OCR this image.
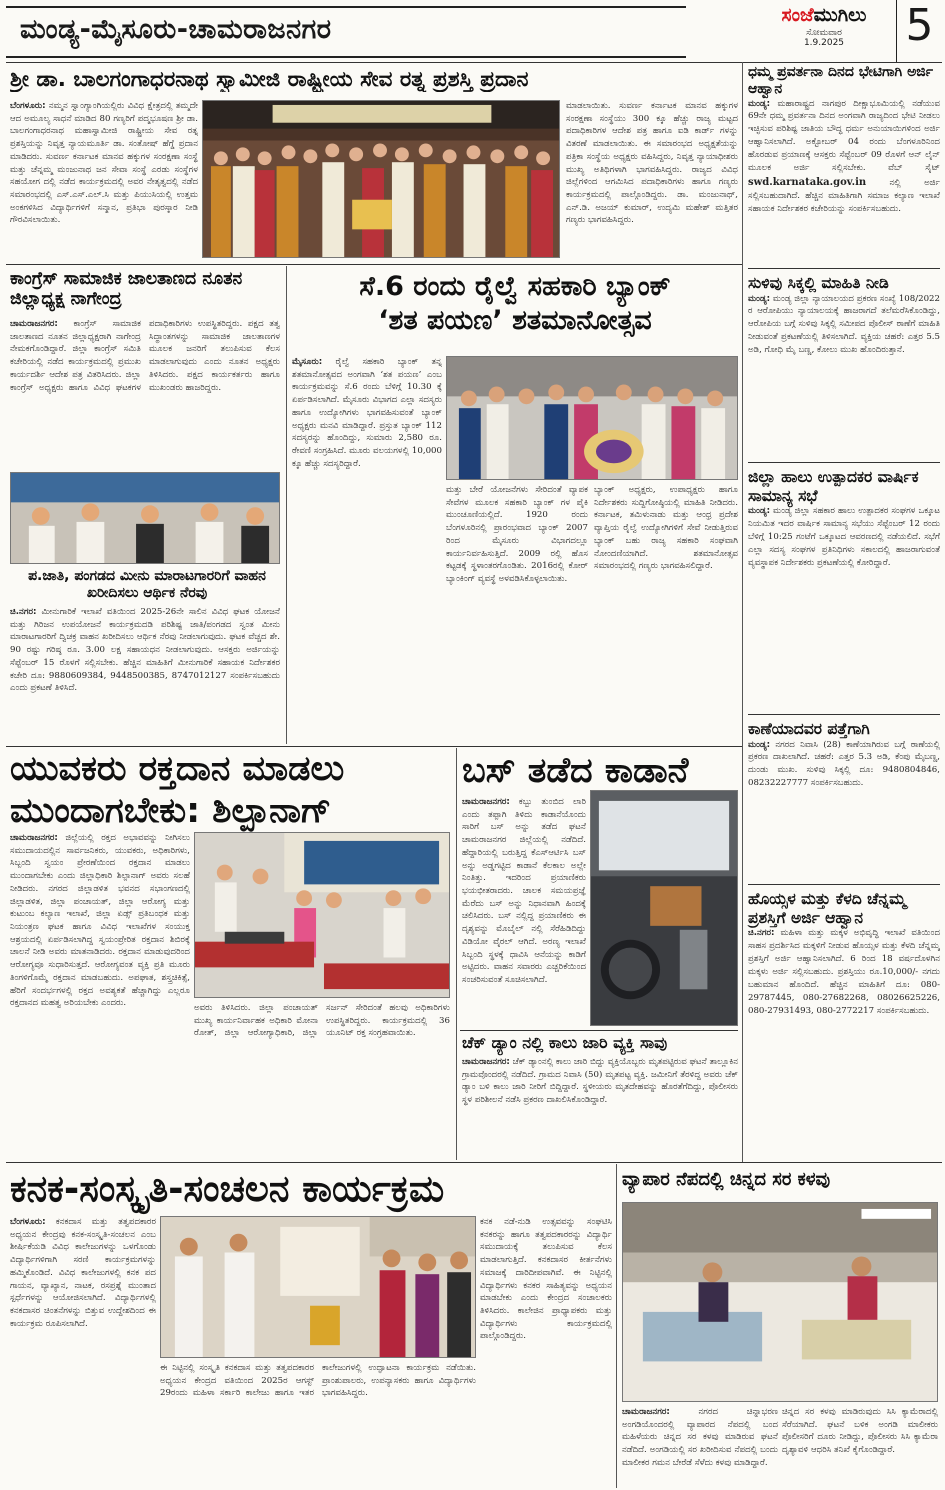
ಮಂಡ್ಯ-ಮೈಸೂರು-ಚಾಮರಾಜನಗರ	ಸಂಜೆಮುಗಿಲು
ಸೋಮವಾರ
1.9.2025	5
ಶ್ರೀ ಡಾ. ಬಾಲಗಂಗಾಧರನಾಥ ಸ್ವಾಮೀಜಿ ರಾಷ್ಟ್ರೀಯ ಸೇವ ರತ್ನ ಪ್ರಶಸ್ತಿ ಪ್ರದಾನ
ಬೆಂಗಳೂರು: ನಮ್ಮನ ಸ್ವಾಂಗ್ಯಾಂಗಿಯಲ್ಲಿರು ವಿವಿಧ ಕ್ಷೇತ್ರದಲ್ಲಿ ತಮ್ಮದೇ ಆದ ಅಮೂಲ್ಯ ಸಾಧನೆ ಮಾಡಿದ 80 ಗಣ್ಯರಿಗೆ ಪದ್ಮಭೂಷಣ ಶ್ರೀ ಡಾ. ಬಾಲಗಂಗಾಧರನಾಥ ಮಹಾಸ್ವಾಮೀಜಿ ರಾಷ್ಟ್ರೀಯ ಸೇವ ರತ್ನ ಪ್ರಶಸ್ತಿಯನ್ನು ನಿವೃತ್ತ ನ್ಯಾಯಮೂರ್ತಿ ಡಾ. ಸಂತೋಷ್ ಹೆಗ್ಡೆ ಪ್ರದಾನ ಮಾಡಿದರು. ಸುವರ್ಣ ಕರ್ನಾಟಕ ಮಾನವ ಹಕ್ಕುಗಳ ಸಂರಕ್ಷಣಾ ಸಂಸ್ಥೆ ಮತ್ತು ಚೆನ್ನಮ್ಮ ಮಂಜುನಾಥ ಜನ ಸೇವಾ ಸಂಸ್ಥೆ ಎರಡು ಸಂಸ್ಥೆಗಳ ಸಹಯೋಗ ದಲ್ಲಿ ನಡೆದ ಕಾರ್ಯಕ್ರಮದಲ್ಲಿ ಅವರ ನೇತೃತ್ವದಲ್ಲಿ ನಡೆದ ಸಮಾರಂಭದಲ್ಲಿ ಎಸ್.ಎಸ್.ಎಲ್.ಸಿ ಮತ್ತು ಪಿಯುಸಿಯಲ್ಲಿ ಉತ್ತಮ ಅಂಕಗಳಿಸಿದ ವಿದ್ಯಾರ್ಥಿಗಳಿಗೆ ಸನ್ಮಾನ, ಪ್ರತಿಭಾ ಪುರಸ್ಕಾರ ನೀಡಿ ಗೌರವಿಸಲಾಯಿತು.
ಮಾಡಲಾಯಿತು. ಸುವರ್ಣ ಕರ್ನಾಟಕ ಮಾನವ ಹಕ್ಕುಗಳ ಸಂರಕ್ಷಣಾ ಸಂಸ್ಥೆಯು 300 ಕ್ಕೂ ಹೆಚ್ಚು ರಾಜ್ಯ ಮಟ್ಟದ ಪದಾಧಿಕಾರಿಗಳ ಆದೇಶ ಪತ್ರ ಹಾಗೂ ಐಡಿ ಕಾರ್ಡ್ ಗಳನ್ನು ವಿತರಣೆ ಮಾಡಲಾಯಿತು. ಈ ಸಮಾರಂಭದ ಅಧ್ಯಕ್ಷತೆಯನ್ನು ಪತ್ರಿಕಾ ಸಂಸ್ಥೆಯ ಅಧ್ಯಕ್ಷರು ವಹಿಸಿದ್ದರು, ನಿವೃತ್ತ ನ್ಯಾಯಾಧೀಶರು ಮುಖ್ಯ ಅತಿಥಿಗಳಾಗಿ ಭಾಗವಹಿಸಿದ್ದರು. ರಾಜ್ಯದ ವಿವಿಧ ಜಿಲ್ಲೆಗಳಿಂದ ಆಗಮಿಸಿದ ಪದಾಧಿಕಾರಿಗಳು ಹಾಗೂ ಗಣ್ಯರು ಕಾರ್ಯಕ್ರಮದಲ್ಲಿ ಪಾಲ್ಗೊಂಡಿದ್ದರು. ಡಾ. ಮಂಜುನಾಥ್, ಎನ್.ಡಿ. ಅಜಯ್ ಕುಮಾರ್, ಉದ್ಯಮಿ ಮಹೇಶ್ ಮತ್ತಿತರ ಗಣ್ಯರು ಭಾಗವಹಿಸಿದ್ದರು.
ಕಾಂಗ್ರೆಸ್ ಸಾಮಾಜಿಕ ಜಾಲತಾಣದ ನೂತನ ಜಿಲ್ಲಾಧ್ಯಕ್ಷ ನಾಗೇಂದ್ರ
ಚಾಮರಾಜನಗರ: ಕಾಂಗ್ರೆಸ್ ಸಾಮಾಜಿಕ ಜಾಲತಾಣದ ನೂತನ ಜಿಲ್ಲಾಧ್ಯಕ್ಷರಾಗಿ ನಾಗೇಂದ್ರ ನೇಮಕಗೊಂಡಿದ್ದಾರೆ. ಜಿಲ್ಲಾ ಕಾಂಗ್ರೆಸ್ ಸಮಿತಿ ಕಚೇರಿಯಲ್ಲಿ ನಡೆದ ಕಾರ್ಯಕ್ರಮದಲ್ಲಿ ಪ್ರಮುಖ ಕಾರ್ಯದರ್ಶಿ ಆದೇಶ ಪತ್ರ ವಿತರಿಸಿದರು. ಜಿಲ್ಲಾ ಕಾಂಗ್ರೆಸ್ ಅಧ್ಯಕ್ಷರು ಹಾಗೂ ವಿವಿಧ ಘಟಕಗಳ ಪದಾಧಿಕಾರಿಗಳು ಉಪಸ್ಥಿತರಿದ್ದರು. ಪಕ್ಷದ ತತ್ವ ಸಿದ್ಧಾಂತಗಳನ್ನು ಸಾಮಾಜಿಕ ಜಾಲತಾಣಗಳ ಮೂಲಕ ಜನರಿಗೆ ತಲುಪಿಸುವ ಕೆಲಸ ಮಾಡಲಾಗುವುದು ಎಂದು ನೂತನ ಅಧ್ಯಕ್ಷರು ತಿಳಿಸಿದರು. ಪಕ್ಷದ ಕಾರ್ಯಕರ್ತರು ಹಾಗೂ ಮುಖಂಡರು ಹಾಜರಿದ್ದರು.
ಪ.ಜಾತಿ, ಪಂಗಡದ ಮೀನು ಮಾರಾಟಗಾರರಿಗೆ ವಾಹನ ಖರೀದಿಸಲು ಆರ್ಥಿಕ ನೆರವು
ಚಿ.ನಗರ: ಮೀನುಗಾರಿಕೆ ಇಲಾಖೆ ವತಿಯಿಂದ 2025-26ನೇ ಸಾಲಿನ ವಿವಿಧ ಘಟಕ ಯೋಜನೆ ಮತ್ತು ಗಿರಿಜನ ಉಪಯೋಜನೆ ಕಾರ್ಯಕ್ರಮದಡಿ ಪರಿಶಿಷ್ಟ ಜಾತಿ/ಪಂಗಡದ ಸ್ವಂತ ಮೀನು ಮಾರಾಟಗಾರರಿಗೆ ದ್ವಿಚಕ್ರ ವಾಹನ ಖರೀದಿಸಲು ಆರ್ಥಿಕ ನೆರವು ನೀಡಲಾಗುವುದು. ಘಟಕ ವೆಚ್ಚದ ಶೇ. 90 ರಷ್ಟು ಗರಿಷ್ಠ ರೂ. 3.00 ಲಕ್ಷ ಸಹಾಯಧನ ನೀಡಲಾಗುವುದು. ಆಸಕ್ತರು ಅರ್ಜಿಯನ್ನು ಸೆಪ್ಟೆಂಬರ್ 15 ರೊಳಗೆ ಸಲ್ಲಿಸಬೇಕು. ಹೆಚ್ಚಿನ ಮಾಹಿತಿಗೆ ಮೀನುಗಾರಿಕೆ ಸಹಾಯಕ ನಿರ್ದೇಶಕರ ಕಚೇರಿ ದೂ: 9880609384, 9448500385, 8747012127 ಸಂಪರ್ಕಿಸಬಹುದು ಎಂದು ಪ್ರಕಟಣೆ ತಿಳಿಸಿದೆ.
ಸೆ.6 ರಂದು ರೈಲ್ವೆ ಸಹಕಾರಿ ಬ್ಯಾಂಕ್
‘ಶತ ಪಯಣ’ ಶತಮಾನೋತ್ಸವ
ಮೈಸೂರು: ರೈಲ್ವೆ ಸಹಕಾರಿ ಬ್ಯಾಂಕ್ ತನ್ನ ಶತಮಾನೋತ್ಸವದ ಅಂಗವಾಗಿ ‘ಶತ ಪಯಣ’ ಎಂಬ ಕಾರ್ಯಕ್ರಮವನ್ನು ಸೆ.6 ರಂದು ಬೆಳಿಗ್ಗೆ 10.30 ಕ್ಕೆ ಏರ್ಪಡಿಸಲಾಗಿದೆ. ಮೈಸೂರು ವಿಭಾಗದ ಎಲ್ಲಾ ಸದಸ್ಯರು ಹಾಗೂ ಉದ್ಯೋಗಿಗಳು ಭಾಗವಹಿಸುವಂತೆ ಬ್ಯಾಂಕ್ ಅಧ್ಯಕ್ಷರು ಮನವಿ ಮಾಡಿದ್ದಾರೆ. ಪ್ರಸ್ತುತ ಬ್ಯಾಂಕ್ 112 ಸದಸ್ಯರನ್ನು ಹೊಂದಿದ್ದು, ಸುಮಾರು 2,580 ರೂ. ಠೇವಣಿ ಸಂಗ್ರಹಿಸಿದೆ. ಮೂರು ವಲಯಗಳಲ್ಲಿ 10,000 ಕ್ಕೂ ಹೆಚ್ಚು ಸದಸ್ಯರಿದ್ದಾರೆ.
ಮತ್ತು ಬೇರೆ ಯೋಜನೆಗಳು ಸೇರಿದಂತೆ ವ್ಯಾಪಕ ಸೇವೆಗಳ ಮೂಲಕ ಸಹಕಾರಿ ಬ್ಯಾಂಕ್ ಗಳ ಪೈಕಿ ಮುಂಚೂಣಿಯಲ್ಲಿದೆ. 1920 ರಂದು ಬೆಂಗಳೂರಿನಲ್ಲಿ ಪ್ರಾರಂಭವಾದ ಬ್ಯಾಂಕ್ 2007 ರಿಂದ ಮೈಸೂರು ವಿಭಾಗದಲ್ಲೂ ಕಾರ್ಯನಿರ್ವಹಿಸುತ್ತಿದೆ. 2009 ರಲ್ಲಿ ಹೊಸ ಕಟ್ಟಡಕ್ಕೆ ಸ್ಥಳಾಂತರಗೊಂಡಿತು. 2016ರಲ್ಲಿ ಕೋರ್ ಬ್ಯಾಂಕಿಂಗ್ ವ್ಯವಸ್ಥೆ ಅಳವಡಿಸಿಕೊಳ್ಳಲಾಯಿತು.
ಬ್ಯಾಂಕ್ ಅಧ್ಯಕ್ಷರು, ಉಪಾಧ್ಯಕ್ಷರು ಹಾಗೂ ನಿರ್ದೇಶಕರು ಸುದ್ದಿಗೋಷ್ಠಿಯಲ್ಲಿ ಮಾಹಿತಿ ನೀಡಿದರು. ಕರ್ನಾಟಕ, ತಮಿಳುನಾಡು ಮತ್ತು ಆಂಧ್ರ ಪ್ರದೇಶ ವ್ಯಾಪ್ತಿಯ ರೈಲ್ವೆ ಉದ್ಯೋಗಿಗಳಿಗೆ ಸೇವೆ ನೀಡುತ್ತಿರುವ ಬ್ಯಾಂಕ್ ಬಹು ರಾಜ್ಯ ಸಹಕಾರಿ ಸಂಘವಾಗಿ ನೋಂದಣಿಯಾಗಿದೆ. ಶತಮಾನೋತ್ಸವ ಸಮಾರಂಭದಲ್ಲಿ ಗಣ್ಯರು ಭಾಗವಹಿಸಲಿದ್ದಾರೆ.
ಯುವಕರು ರಕ್ತದಾನ ಮಾಡಲು
ಮುಂದಾಗಬೇಕು: ಶಿಲ್ಪಾನಾಗ್
ಚಾಮರಾಜನಗರ: ಜಿಲ್ಲೆಯಲ್ಲಿ ರಕ್ತದ ಅಭಾವವನ್ನು ನೀಗಿಸಲು ಸಮುದಾಯದಲ್ಲಿನ ಸಾರ್ವಜನಿಕರು, ಯುವಕರು, ಅಧಿಕಾರಿಗಳು, ಸಿಬ್ಬಂದಿ ಸ್ವಯಂ ಪ್ರೇರಣೆಯಿಂದ ರಕ್ತದಾನ ಮಾಡಲು ಮುಂದಾಗಬೇಕು ಎಂದು ಜಿಲ್ಲಾಧಿಕಾರಿ ಶಿಲ್ಪಾನಾಗ್ ಅವರು ಸಲಹೆ ನೀಡಿದರು. ನಗರದ ಜಿಲ್ಲಾಡಳಿತ ಭವನದ ಸಭಾಂಗಣದಲ್ಲಿ ಜಿಲ್ಲಾಡಳಿತ, ಜಿಲ್ಲಾ ಪಂಚಾಯತ್, ಜಿಲ್ಲಾ ಆರೋಗ್ಯ ಮತ್ತು ಕುಟುಂಬ ಕಲ್ಯಾಣ ಇಲಾಖೆ, ಜಿಲ್ಲಾ ಏಡ್ಸ್ ಪ್ರತಿಬಂಧಕ ಮತ್ತು ನಿಯಂತ್ರಣ ಘಟಕ ಹಾಗೂ ವಿವಿಧ ಇಲಾಖೆಗಳ ಸಂಯುಕ್ತ ಆಶ್ರಯದಲ್ಲಿ ಏರ್ಪಡಿಸಲಾಗಿದ್ದ ಸ್ವಯಂಪ್ರೇರಿತ ರಕ್ತದಾನ ಶಿಬಿರಕ್ಕೆ ಚಾಲನೆ ನೀಡಿ ಅವರು ಮಾತನಾಡಿದರು. ರಕ್ತದಾನ ಮಾಡುವುದರಿಂದ ಆರೋಗ್ಯವೂ ಸುಧಾರಿಸುತ್ತದೆ. ಆರೋಗ್ಯವಂತ ವ್ಯಕ್ತಿ ಪ್ರತಿ ಮೂರು ತಿಂಗಳಿಗೊಮ್ಮೆ ರಕ್ತದಾನ ಮಾಡಬಹುದು. ಅಪಘಾತ, ಶಸ್ತ್ರಚಿಕಿತ್ಸೆ, ಹೆರಿಗೆ ಸಂದರ್ಭಗಳಲ್ಲಿ ರಕ್ತದ ಅವಶ್ಯಕತೆ ಹೆಚ್ಚಾಗಿದ್ದು ಎಲ್ಲರೂ ರಕ್ತದಾನದ ಮಹತ್ವ ಅರಿಯಬೇಕು ಎಂದರು.	ಅವರು ತಿಳಿಸಿದರು. ಜಿಲ್ಲಾ ಪಂಚಾಯತ್ ಮುಖ್ಯ ಕಾರ್ಯನಿರ್ವಾಹಕ ಅಧಿಕಾರಿ ಮೋನಾ ರೋತ್, ಜಿಲ್ಲಾ ಆರೋಗ್ಯಾಧಿಕಾರಿ, ಜಿಲ್ಲಾ ಸರ್ಜನ್ ಸೇರಿದಂತೆ ಹಲವು ಅಧಿಕಾರಿಗಳು ಉಪಸ್ಥಿತರಿದ್ದರು. ಕಾರ್ಯಕ್ರಮದಲ್ಲಿ 36 ಯೂನಿಟ್ ರಕ್ತ ಸಂಗ್ರಹವಾಯಿತು.
ಬಸ್ ತಡೆದ ಕಾಡಾನೆ
ಚಾಮರಾಜನಗರ: ಕಬ್ಬು ತುಂಬಿದ ಲಾರಿ ಎಂದು ತಪ್ಪಾಗಿ ತಿಳಿದು ಕಾಡಾನೆಯೊಂದು ಸಾರಿಗೆ ಬಸ್ ಅನ್ನು ತಡೆದ ಘಟನೆ ಚಾಮರಾಜನಗರ ಜಿಲ್ಲೆಯಲ್ಲಿ ನಡೆದಿದೆ. ಹೆದ್ದಾರಿಯಲ್ಲಿ ಬರುತ್ತಿದ್ದ ಕೆಎಸ್ಆರ್ಟಿಸಿ ಬಸ್ ಅನ್ನು ಅಡ್ಡಗಟ್ಟಿದ ಕಾಡಾನೆ ಕೆಲಕಾಲ ಅಲ್ಲೇ ನಿಂತಿತ್ತು. ಇದರಿಂದ ಪ್ರಯಾಣಿಕರು ಭಯಭೀತರಾದರು. ಚಾಲಕ ಸಮಯಪ್ರಜ್ಞೆ ಮೆರೆದು ಬಸ್ ಅನ್ನು ನಿಧಾನವಾಗಿ ಹಿಂದಕ್ಕೆ ಚಲಿಸಿದರು. ಬಸ್ ನಲ್ಲಿದ್ದ ಪ್ರಯಾಣಿಕರು ಈ ದೃಶ್ಯವನ್ನು ಮೊಬೈಲ್ ನಲ್ಲಿ ಸೆರೆಹಿಡಿದಿದ್ದು ವಿಡಿಯೋ ವೈರಲ್ ಆಗಿದೆ. ಅರಣ್ಯ ಇಲಾಖೆ ಸಿಬ್ಬಂದಿ ಸ್ಥಳಕ್ಕೆ ಧಾವಿಸಿ ಆನೆಯನ್ನು ಕಾಡಿಗೆ ಅಟ್ಟಿದರು. ವಾಹನ ಸವಾರರು ಎಚ್ಚರಿಕೆಯಿಂದ ಸಂಚರಿಸುವಂತೆ ಸೂಚಿಸಲಾಗಿದೆ.
ಚೆಕ್ ಡ್ಯಾಂ ನಲ್ಲಿ ಕಾಲು ಜಾರಿ ವ್ಯಕ್ತಿ ಸಾವು
ಚಾಮರಾಜನಗರ: ಚೆಕ್ ಡ್ಯಾಂನಲ್ಲಿ ಕಾಲು ಜಾರಿ ಬಿದ್ದು ವ್ಯಕ್ತಿಯೊಬ್ಬರು ಮೃತಪಟ್ಟಿರುವ ಘಟನೆ ತಾಲ್ಲೂಕಿನ ಗ್ರಾಮವೊಂದರಲ್ಲಿ ನಡೆದಿದೆ. ಗ್ರಾಮದ ನಿವಾಸಿ (50) ಮೃತಪಟ್ಟ ವ್ಯಕ್ತಿ. ಜಮೀನಿಗೆ ತೆರಳಿದ್ದ ಅವರು ಚೆಕ್ ಡ್ಯಾಂ ಬಳಿ ಕಾಲು ಜಾರಿ ನೀರಿಗೆ ಬಿದ್ದಿದ್ದಾರೆ. ಸ್ಥಳೀಯರು ಮೃತದೇಹವನ್ನು ಹೊರತೆಗೆದಿದ್ದು, ಪೊಲೀಸರು ಸ್ಥಳ ಪರಿಶೀಲನೆ ನಡೆಸಿ ಪ್ರಕರಣ ದಾಖಲಿಸಿಕೊಂಡಿದ್ದಾರೆ.
ಧಮ್ಮ ಪ್ರವರ್ತನಾ ದಿನದ ಭೇಟಿಗಾಗಿ ಅರ್ಜಿ ಆಹ್ವಾನ
ಮಂಡ್ಯ: ಮಹಾರಾಷ್ಟ್ರದ ನಾಗಪುರ ದೀಕ್ಷಾಭೂಮಿಯಲ್ಲಿ ನಡೆಯುವ 69ನೇ ಧಮ್ಮ ಪ್ರವರ್ತನಾ ದಿನದ ಅಂಗವಾಗಿ ರಾಜ್ಯದಿಂದ ಭೇಟಿ ನೀಡಲು ಇಚ್ಛಿಸುವ ಪರಿಶಿಷ್ಟ ಜಾತಿಯ ಬೌದ್ಧ ಧರ್ಮ ಅನುಯಾಯಿಗಳಿಂದ ಅರ್ಜಿ ಆಹ್ವಾನಿಸಲಾಗಿದೆ. ಅಕ್ಟೋಬರ್ 04 ರಂದು ಬೆಂಗಳೂರಿನಿಂದ ಹೊರಡುವ ಪ್ರಯಾಣಕ್ಕೆ ಆಸಕ್ತರು ಸೆಪ್ಟೆಂಬರ್ 09 ರೊಳಗೆ ಆನ್ ಲೈನ್ ಮೂಲಕ ಅರ್ಜಿ ಸಲ್ಲಿಸಬೇಕು. ವೆಬ್ ಸೈಟ್ swd.karnataka.gov.in	ನಲ್ಲಿ ಅರ್ಜಿ ಸಲ್ಲಿಸಬಹುದಾಗಿದೆ. ಹೆಚ್ಚಿನ ಮಾಹಿತಿಗಾಗಿ ಸಮಾಜ ಕಲ್ಯಾಣ ಇಲಾಖೆ ಸಹಾಯಕ ನಿರ್ದೇಶಕರ ಕಚೇರಿಯನ್ನು ಸಂಪರ್ಕಿಸಬಹುದು.
ಸುಳಿವು ಸಿಕ್ಕಲ್ಲಿ ಮಾಹಿತಿ ನೀಡಿ
ಮಂಡ್ಯ: ಮಂಡ್ಯ ಜಿಲ್ಲಾ ನ್ಯಾಯಾಲಯದ ಪ್ರಕರಣ ಸಂಖ್ಯೆ 108/2022 ರ ಆರೋಪಿಯು ನ್ಯಾಯಾಲಯಕ್ಕೆ ಹಾಜರಾಗದೆ ತಲೆಮರೆಸಿಕೊಂಡಿದ್ದು, ಆರೋಪಿಯ ಬಗ್ಗೆ ಸುಳಿವು ಸಿಕ್ಕಲ್ಲಿ ಸಮೀಪದ ಪೊಲೀಸ್ ಠಾಣೆಗೆ ಮಾಹಿತಿ ನೀಡುವಂತೆ ಪ್ರಕಟಣೆಯಲ್ಲಿ ತಿಳಿಸಲಾಗಿದೆ. ವ್ಯಕ್ತಿಯ ಚಹರೆ: ಎತ್ತರ 5.5 ಅಡಿ, ಗೋಧಿ ಮೈ ಬಣ್ಣ, ಕೋಲು ಮುಖ ಹೊಂದಿರುತ್ತಾನೆ.
ಜಿಲ್ಲಾ ಹಾಲು ಉತ್ಪಾದಕರ ವಾರ್ಷಿಕ ಸಾಮಾನ್ಯ ಸಭೆ
ಮಂಡ್ಯ: ಮಂಡ್ಯ ಜಿಲ್ಲಾ ಸಹಕಾರ ಹಾಲು ಉತ್ಪಾದಕರ ಸಂಘಗಳ ಒಕ್ಕೂಟ ನಿಯಮಿತ ಇದರ ವಾರ್ಷಿಕ ಸಾಮಾನ್ಯ ಸಭೆಯು ಸೆಪ್ಟೆಂಬರ್ 12 ರಂದು ಬೆಳಿಗ್ಗೆ 10:25 ಗಂಟೆಗೆ ಒಕ್ಕೂಟದ ಆವರಣದಲ್ಲಿ ನಡೆಯಲಿದೆ. ಸಭೆಗೆ ಎಲ್ಲಾ ಸದಸ್ಯ ಸಂಘಗಳ ಪ್ರತಿನಿಧಿಗಳು ಸಕಾಲದಲ್ಲಿ ಹಾಜರಾಗುವಂತೆ ವ್ಯವಸ್ಥಾಪಕ ನಿರ್ದೇಶಕರು ಪ್ರಕಟಣೆಯಲ್ಲಿ ಕೋರಿದ್ದಾರೆ.
ಕಾಣೆಯಾದವರ ಪತ್ತೆಗಾಗಿ
ಮಂಡ್ಯ: ನಗರದ ನಿವಾಸಿ (28) ಕಾಣೆಯಾಗಿರುವ ಬಗ್ಗೆ ಠಾಣೆಯಲ್ಲಿ ಪ್ರಕರಣ ದಾಖಲಾಗಿದೆ. ಚಹರೆ: ಎತ್ತರ 5.3 ಅಡಿ, ಕೆಂಪು ಮೈಬಣ್ಣ, ದುಂಡು ಮುಖ. ಸುಳಿವು ಸಿಕ್ಕಲ್ಲಿ ದೂ: 9480804846, 08232227777 ಸಂಪರ್ಕಿಸಬಹುದು.
ಹೊಯ್ಸಳ ಮತ್ತು ಕೆಳದಿ ಚೆನ್ನಮ್ಮ ಪ್ರಶಸ್ತಿಗೆ ಅರ್ಜಿ ಆಹ್ವಾನ
ಚಿ.ನಗರ: ಮಹಿಳಾ ಮತ್ತು ಮಕ್ಕಳ ಅಭಿವೃದ್ಧಿ ಇಲಾಖೆ ವತಿಯಿಂದ ಸಾಹಸ ಪ್ರದರ್ಶಿಸಿದ ಮಕ್ಕಳಿಗೆ ನೀಡುವ ಹೊಯ್ಸಳ ಮತ್ತು ಕೆಳದಿ ಚೆನ್ನಮ್ಮ ಪ್ರಶಸ್ತಿಗೆ ಅರ್ಜಿ ಆಹ್ವಾನಿಸಲಾಗಿದೆ. 6 ರಿಂದ 18 ವರ್ಷದೊಳಗಿನ ಮಕ್ಕಳು ಅರ್ಜಿ ಸಲ್ಲಿಸಬಹುದು. ಪ್ರಶಸ್ತಿಯು ರೂ.10,000/- ನಗದು ಬಹುಮಾನ ಹೊಂದಿದೆ. ಹೆಚ್ಚಿನ ಮಾಹಿತಿಗೆ ದೂ: 080-29787445, 080-27682268, 08026625226, 080-27931493, 080-2772217 ಸಂಪರ್ಕಿಸಬಹುದು.
ಕನಕ-ಸಂಸ್ಕೃತಿ-ಸಂಚಲನ ಕಾರ್ಯಕ್ರಮ
ಬೆಂಗಳೂರು: ಕನಕದಾಸ ಮತ್ತು ತತ್ವಪದಕಾರರ ಅಧ್ಯಯನ ಕೇಂದ್ರವು ಕನಕ-ಸಂಸ್ಕೃತಿ-ಸಂಚಲನ ಎಂಬ ಶೀರ್ಷಿಕೆಯಡಿ ವಿವಿಧ ಕಾಲೇಜುಗಳನ್ನು ಒಳಗೊಂಡು ವಿದ್ಯಾರ್ಥಿಗಳಿಗಾಗಿ ಸರಣಿ ಕಾರ್ಯಕ್ರಮಗಳನ್ನು ಹಮ್ಮಿಕೊಂಡಿದೆ. ವಿವಿಧ ಕಾಲೇಜುಗಳಲ್ಲಿ ಕನಕ ಪದ ಗಾಯನ, ವ್ಯಾಖ್ಯಾನ, ನಾಟಕ, ರಸಪ್ರಶ್ನೆ ಮುಂತಾದ ಸ್ಪರ್ಧೆಗಳನ್ನು ಆಯೋಜಿಸಲಾಗಿದೆ. ವಿದ್ಯಾರ್ಥಿಗಳಲ್ಲಿ ಕನಕದಾಸರ ಚಿಂತನೆಗಳನ್ನು ಬಿತ್ತುವ ಉದ್ದೇಶದಿಂದ ಈ ಕಾರ್ಯಕ್ರಮ ರೂಪಿಸಲಾಗಿದೆ.
ಈ ನಿಟ್ಟಿನಲ್ಲಿ ಸಂಸ್ಕೃತಿ ಕನಕದಾಸ ಮತ್ತು ತತ್ವಪದಕಾರರ ಅಧ್ಯಯನ ಕೇಂದ್ರದ ವತಿಯಿಂದ 2025ರ ಆಗಸ್ಟ್ 29ರಂದು ಮಹಿಳಾ ಸರ್ಕಾರಿ ಕಾಲೇಜು ಹಾಗೂ ಇತರ ಕಾಲೇಜುಗಳಲ್ಲಿ ಉದ್ಘಾಟನಾ ಕಾರ್ಯಕ್ರಮ ನಡೆಯಿತು. ಪ್ರಾಂಶುಪಾಲರು, ಉಪನ್ಯಾಸಕರು ಹಾಗೂ ವಿದ್ಯಾರ್ಥಿಗಳು ಭಾಗವಹಿಸಿದ್ದರು.
ಕನಕ ನಡೆ-ನುಡಿ ಉತ್ಸವವನ್ನು ಸಂಘಟಿಸಿ ಕನಕರನ್ನು ಹಾಗೂ ತತ್ವಪದಕಾರರನ್ನು ವಿದ್ಯಾರ್ಥಿ ಸಮುದಾಯಕ್ಕೆ ತಲುಪಿಸುವ ಕೆಲಸ ಮಾಡಲಾಗುತ್ತಿದೆ. ಕನಕದಾಸರ ಕೀರ್ತನೆಗಳು ಸಮಾಜಕ್ಕೆ ದಾರಿದೀಪವಾಗಿವೆ. ಈ ನಿಟ್ಟಿನಲ್ಲಿ ವಿದ್ಯಾರ್ಥಿಗಳು ಕನಕರ ಸಾಹಿತ್ಯವನ್ನು ಅಧ್ಯಯನ ಮಾಡಬೇಕು ಎಂದು ಕೇಂದ್ರದ ಸಂಚಾಲಕರು ತಿಳಿಸಿದರು. ಕಾಲೇಜಿನ ಪ್ರಾಧ್ಯಾಪಕರು ಮತ್ತು ವಿದ್ಯಾರ್ಥಿಗಳು ಕಾರ್ಯಕ್ರಮದಲ್ಲಿ ಪಾಲ್ಗೊಂಡಿದ್ದರು.
ವ್ಯಾಪಾರ ನೆಪದಲ್ಲಿ ಚಿನ್ನದ ಸರ ಕಳವು
ಚಾಮರಾಜನಗರ:	ನಗರದ ಚಿನ್ನಾಭರಣ ಅಂಗಡಿಯೊಂದರಲ್ಲಿ ವ್ಯಾಪಾರದ ನೆಪದಲ್ಲಿ ಬಂದ ಮಹಿಳೆಯರು ಚಿನ್ನದ ಸರ ಕಳವು ಮಾಡಿರುವ ಘಟನೆ ನಡೆದಿದೆ. ಅಂಗಡಿಯಲ್ಲಿ ಸರ ಖರೀದಿಸುವ ನೆಪದಲ್ಲಿ ಬಂದು ಮಾಲೀಕರ ಗಮನ ಬೇರೆಡೆ ಸೆಳೆದು ಕಳವು ಮಾಡಿದ್ದಾರೆ.
ಚಿನ್ನದ ಸರ ಕಳವು ಮಾಡಿರುವುದು ಸಿಸಿ ಕ್ಯಾಮೆರಾದಲ್ಲಿ ಸೆರೆಯಾಗಿದೆ. ಘಟನೆ ಬಳಿಕ ಅಂಗಡಿ ಮಾಲೀಕರು ಪೊಲೀಸರಿಗೆ ದೂರು ನೀಡಿದ್ದು, ಪೊಲೀಸರು ಸಿಸಿ ಕ್ಯಾಮೆರಾ ದೃಶ್ಯಾವಳಿ ಆಧರಿಸಿ ತನಿಖೆ ಕೈಗೊಂಡಿದ್ದಾರೆ.
